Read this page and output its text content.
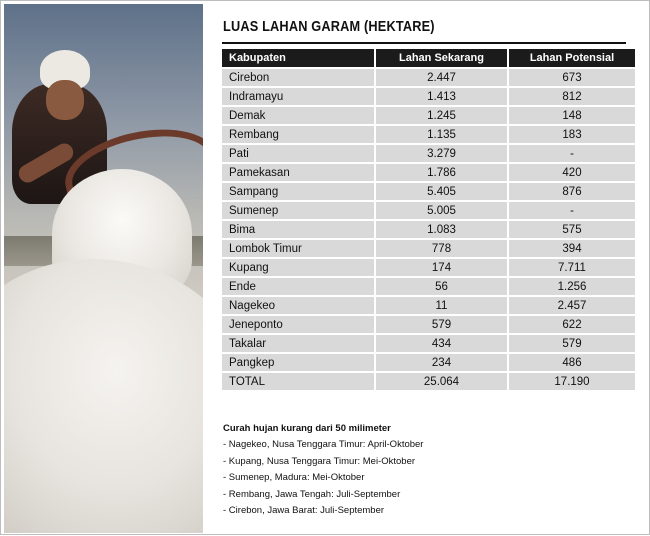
LUAS LAHAN GARAM (HEKTARE)
Kabupaten	Lahan Sekarang	Lahan Potensial
Cirebon	2.447	673
Indramayu	1.413	812
Demak	1.245	148
Rembang	1.135	183
Pati	3.279	-
Pamekasan	1.786	420
Sampang	5.405	876
Sumenep	5.005	-
Bima	1.083	575
Lombok Timur	778	394
Kupang	174	7.711
Ende	56	1.256
Nagekeo	11	2.457
Jeneponto	579	622
Takalar	434	579
Pangkep	234	486
TOTAL	25.064	17.190
Curah hujan kurang dari 50 milimeter
- Nagekeo, Nusa Tenggara Timur: April-Oktober
- Kupang, Nusa Tenggara Timur: Mei-Oktober
- Sumenep, Madura: Mei-Oktober
- Rembang, Jawa Tengah: Juli-September
- Cirebon, Jawa Barat: Juli-September
